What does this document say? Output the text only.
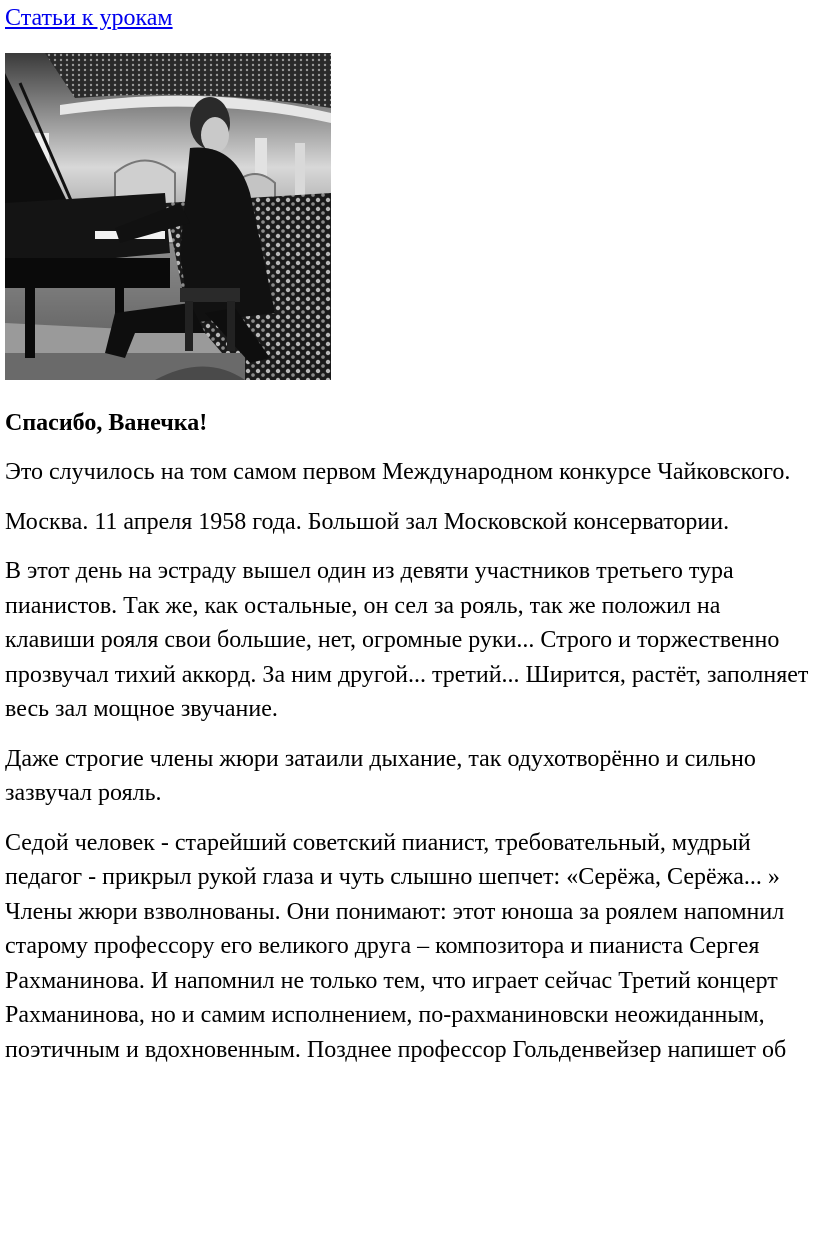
Статьи к урокам
Спасибо, Ванечка!

Это случилось на том самом первом Международном конкурсе Чайковского.

Москва. 11 апреля 1958 года. Большой зал Московской консерватории.

В этот день на эстраду вышел один из девяти участников третьего тура пианистов. Так же, как остальные, он сел за рояль, так же положил на клавиши рояля свои большие, нет, огромные руки... Строго и торжественно прозвучал тихий аккорд. За ним другой... третий... Ширится, растёт, заполняет весь зал мощное звучание.

Даже строгие члены жюри затаили дыхание, так одухотворённо и сильно зазвучал рояль.

Седой человек - старейший советский пианист, требовательный, мудрый педагог - прикрыл рукой глаза и чуть слышно шепчет: «Серёжа, Серёжа... » Члены жюри взволнованы. Они понимают: этот юноша за роялем напомнил старому профессору его великого друга – композитора и пианиста Сергея Рахманинова. И напомнил не только тем, что играет сейчас Третий концерт Рахманинова, но и самим исполнением, по-рахманиновски неожиданным, поэтичным и вдохновенным. Позднее профессор Гольденвейзер напишет об
